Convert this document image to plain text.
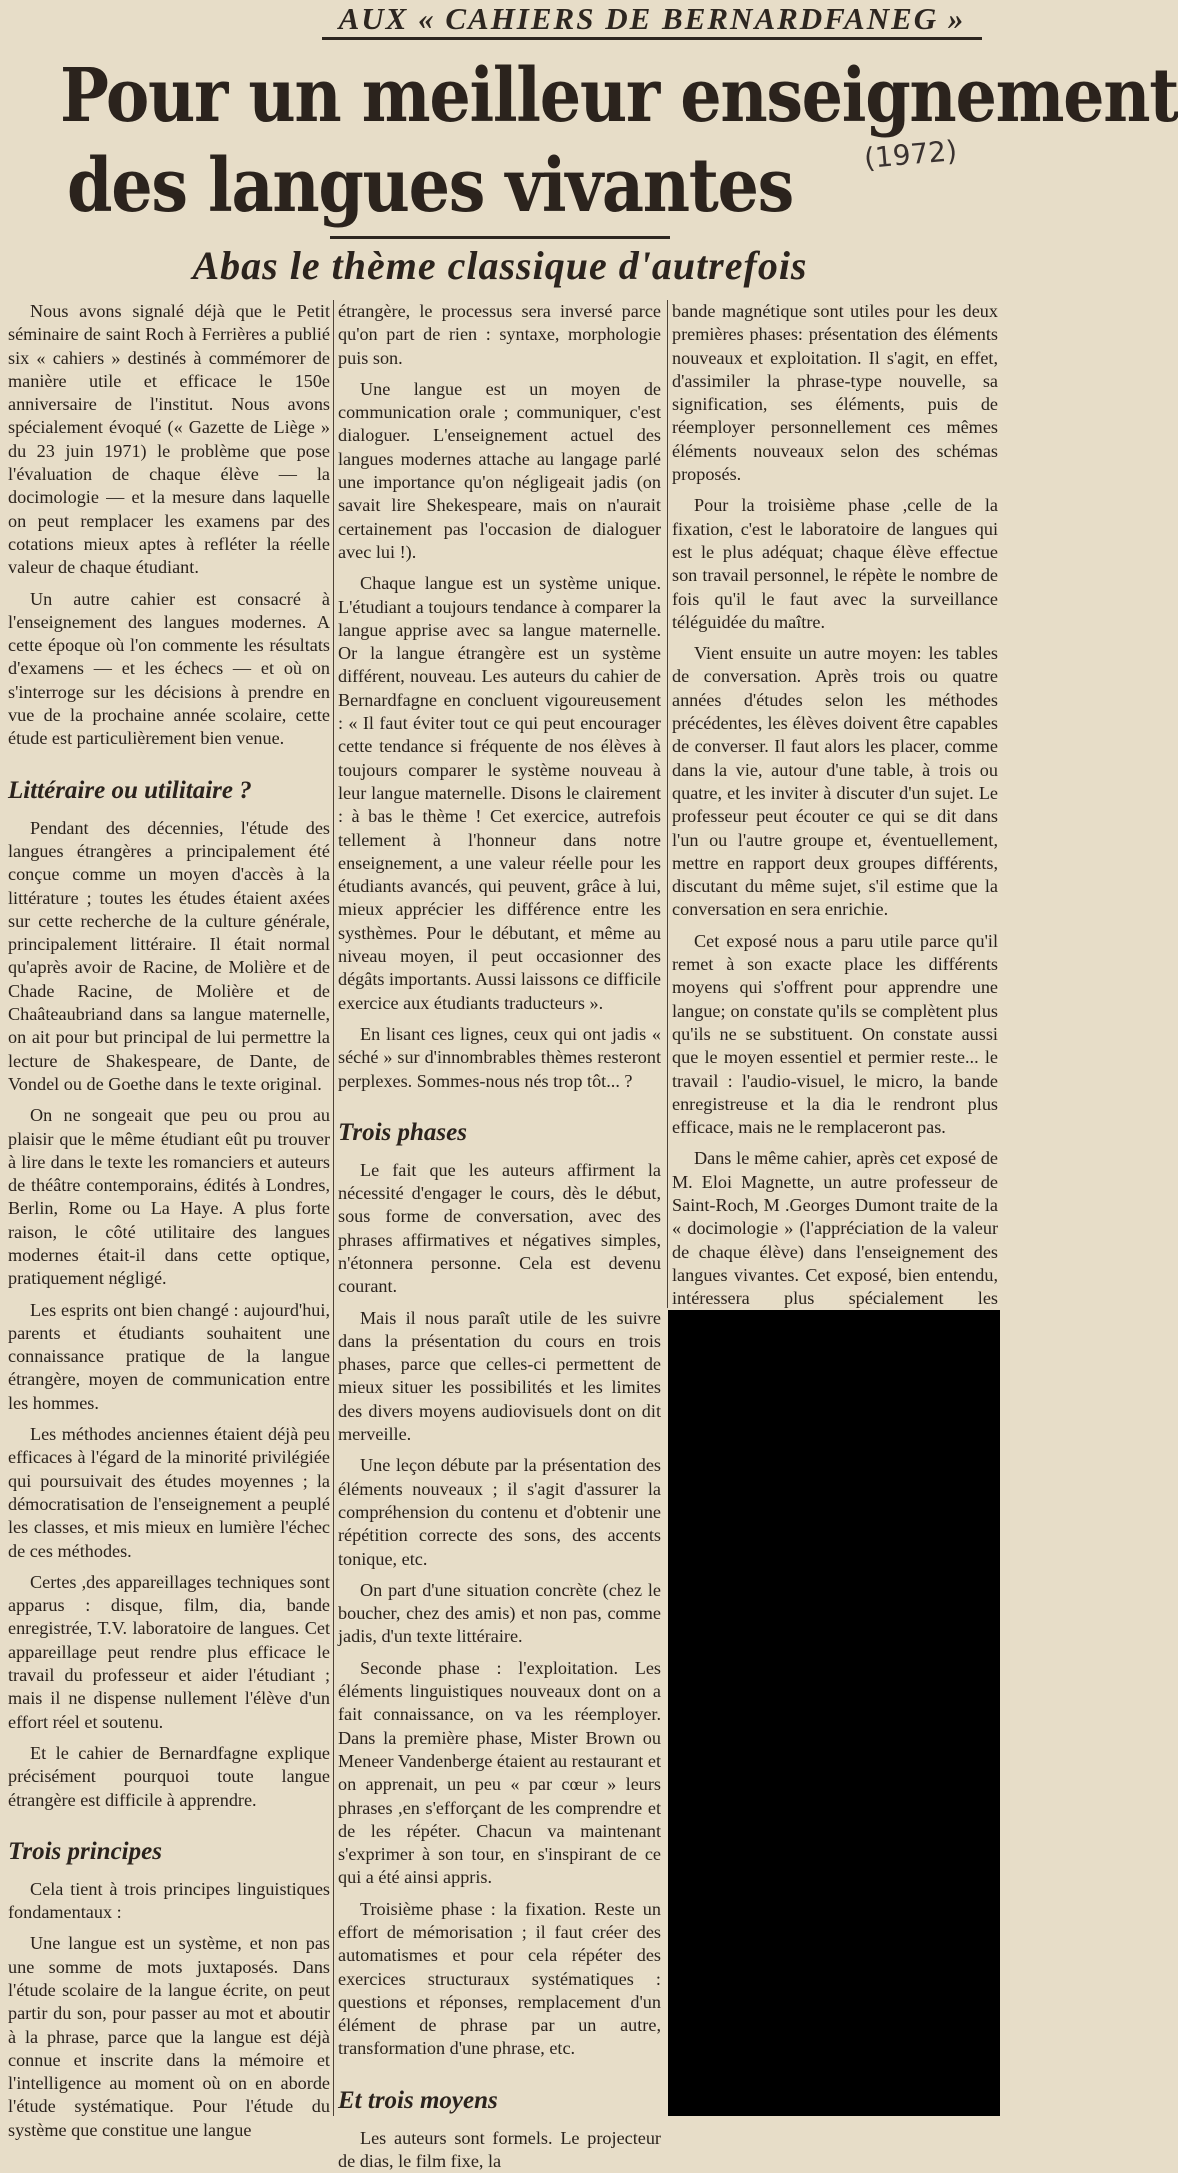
AUX « CAHIERS DE BERNARDFANEG »
Pour un meilleur enseignement
des langues vivantes	(1972)
Abas le thème classique d'autrefois

Nous avons signalé déjà que le Petit séminaire de saint Roch à Ferrières a publié six « cahiers » destinés à commémorer de manière utile et efficace le 150e anniversaire de l'institut. Nous avons spécialement évoqué (« Gazette de Liège » du 23 juin 1971) le problème que pose l'évaluation de chaque élève — la docimologie — et la mesure dans laquelle on peut remplacer les examens par des cotations mieux aptes à refléter la réelle valeur de chaque étudiant.

Un autre cahier est consacré à l'enseignement des langues modernes. A cette époque où l'on commente les résultats d'examens — et les échecs — et où on s'interroge sur les décisions à prendre en vue de la prochaine année scolaire, cette étude est particulièrement bien venue.

Littéraire ou utilitaire ?

Pendant des décennies, l'étude des langues étrangères a principalement été conçue comme un moyen d'accès à la littérature ; toutes les études étaient axées sur cette recherche de la culture générale, principalement littéraire. Il était normal qu'après avoir de Racine, de Molière et de Chade Racine, de Molière et de Chaâteaubriand dans sa langue maternelle, on ait pour but principal de lui permettre la lecture de Shakespeare, de Dante, de Vondel ou de Goethe dans le texte original.

On ne songeait que peu ou prou au plaisir que le même étudiant eût pu trouver à lire dans le texte les romanciers et auteurs de théâtre contemporains, édités à Londres, Berlin, Rome ou La Haye. A plus forte raison, le côté utilitaire des langues modernes était-il dans cette optique, pratiquement négligé.

Les esprits ont bien changé : aujourd'hui, parents et étudiants souhaitent une connaissance pratique de la langue étrangère, moyen de communication entre les hommes.

Les méthodes anciennes étaient déjà peu efficaces à l'égard de la minorité privilégiée qui poursuivait des études moyennes ; la démocratisation de l'enseignement a peuplé les classes, et mis mieux en lumière l'échec de ces méthodes.

Certes ,des appareillages techniques sont apparus : disque, film, dia, bande enregistrée, T.V. laboratoire de langues. Cet appareillage peut rendre plus efficace le travail du professeur et aider l'étudiant ; mais il ne dispense nullement l'élève d'un effort réel et soutenu.

Et le cahier de Bernardfagne explique précisément pourquoi toute langue étrangère est difficile à apprendre.

Trois principes

Cela tient à trois principes linguistiques fondamentaux :

Une langue est un système, et non pas une somme de mots juxtaposés. Dans l'étude scolaire de la langue écrite, on peut partir du son, pour passer au mot et aboutir à la phrase, parce que la langue est déjà connue et inscrite dans la mémoire et l'intelligence au moment où on en aborde l'étude systématique. Pour l'étude du système que constitue une langue

étrangère, le processus sera inversé parce qu'on part de rien : syntaxe, morphologie puis son.

Une langue est un moyen de communication orale ; communiquer, c'est dialoguer. L'enseignement actuel des langues modernes attache au langage parlé une importance qu'on négligeait jadis (on savait lire Shekespeare, mais on n'aurait certainement pas l'occasion de dialoguer avec lui !).

Chaque langue est un système unique. L'étudiant a toujours tendance à comparer la langue apprise avec sa langue maternelle. Or la langue étrangère est un système différent, nouveau. Les auteurs du cahier de Bernardfagne en concluent vigoureusement : « Il faut éviter tout ce qui peut encourager cette tendance si fréquente de nos élèves à toujours comparer le système nouveau à leur langue maternelle. Disons le clairement : à bas le thème ! Cet exercice, autrefois tellement à l'honneur dans notre enseignement, a une valeur réelle pour les étudiants avancés, qui peuvent, grâce à lui, mieux apprécier les différence entre les systhèmes. Pour le débutant, et même au niveau moyen, il peut occasionner des dégâts importants. Aussi laissons ce difficile exercice aux étudiants traducteurs ».

En lisant ces lignes, ceux qui ont jadis « séché » sur d'innombrables thèmes resteront perplexes. Sommes-nous nés trop tôt... ?

Trois phases

Le fait que les auteurs affirment la nécessité d'engager le cours, dès le début, sous forme de conversation, avec des phrases affirmatives et négatives simples, n'étonnera personne. Cela est devenu courant.

Mais il nous paraît utile de les suivre dans la présentation du cours en trois phases, parce que celles-ci permettent de mieux situer les possibilités et les limites des divers moyens audiovisuels dont on dit merveille.

Une leçon débute par la présentation des éléments nouveaux ; il s'agit d'assurer la compréhension du contenu et d'obtenir une répétition correcte des sons, des accents tonique, etc.

On part d'une situation concrète (chez le boucher, chez des amis) et non pas, comme jadis, d'un texte littéraire.

Seconde phase : l'exploitation. Les éléments linguistiques nouveaux dont on a fait connaissance, on va les réemployer. Dans la première phase, Mister Brown ou Meneer Vandenberge étaient au restaurant et on apprenait, un peu « par cœur » leurs phrases ,en s'efforçant de les comprendre et de les répéter. Chacun va maintenant s'exprimer à son tour, en s'inspirant de ce qui a été ainsi appris.

Troisième phase : la fixation. Reste un effort de mémorisation ; il faut créer des automatismes et pour cela répéter des exercices structuraux systématiques : questions et réponses, remplacement d'un élément de phrase par un autre, transformation d'une phrase, etc.

Et trois moyens

Les auteurs sont formels. Le projecteur de dias, le film fixe, la

bande magnétique sont utiles pour les deux premières phases: présentation des éléments nouveaux et exploitation. Il s'agit, en effet, d'assimiler la phrase-type nouvelle, sa signification, ses éléments, puis de réemployer personnellement ces mêmes éléments nouveaux selon des schémas proposés.

Pour la troisième phase ,celle de la fixation, c'est le laboratoire de langues qui est le plus adéquat; chaque élève effectue son travail personnel, le répète le nombre de fois qu'il le faut avec la surveillance téléguidée du maître.

Vient ensuite un autre moyen: les tables de conversation. Après trois ou quatre années d'études selon les méthodes précédentes, les élèves doivent être capables de converser. Il faut alors les placer, comme dans la vie, autour d'une table, à trois ou quatre, et les inviter à discuter d'un sujet. Le professeur peut écouter ce qui se dit dans l'un ou l'autre groupe et, éventuellement, mettre en rapport deux groupes différents, discutant du même sujet, s'il estime que la conversation en sera enrichie.

Cet exposé nous a paru utile parce qu'il remet à son exacte place les différents moyens qui s'offrent pour apprendre une langue; on constate qu'ils se complètent plus qu'ils ne se substituent. On constate aussi que le moyen essentiel et permier reste... le travail : l'audio-visuel, le micro, la bande enregistreuse et la dia le rendront plus efficace, mais ne le remplaceront pas.

Dans le même cahier, après cet exposé de M. Eloi Magnette, un autre professeur de Saint-Roch, M .Georges Dumont traite de la « docimologie » (l'appréciation de la valeur de chaque élève) dans l'enseignement des langues vivantes. Cet exposé, bien entendu, intéressera plus spécialement les
